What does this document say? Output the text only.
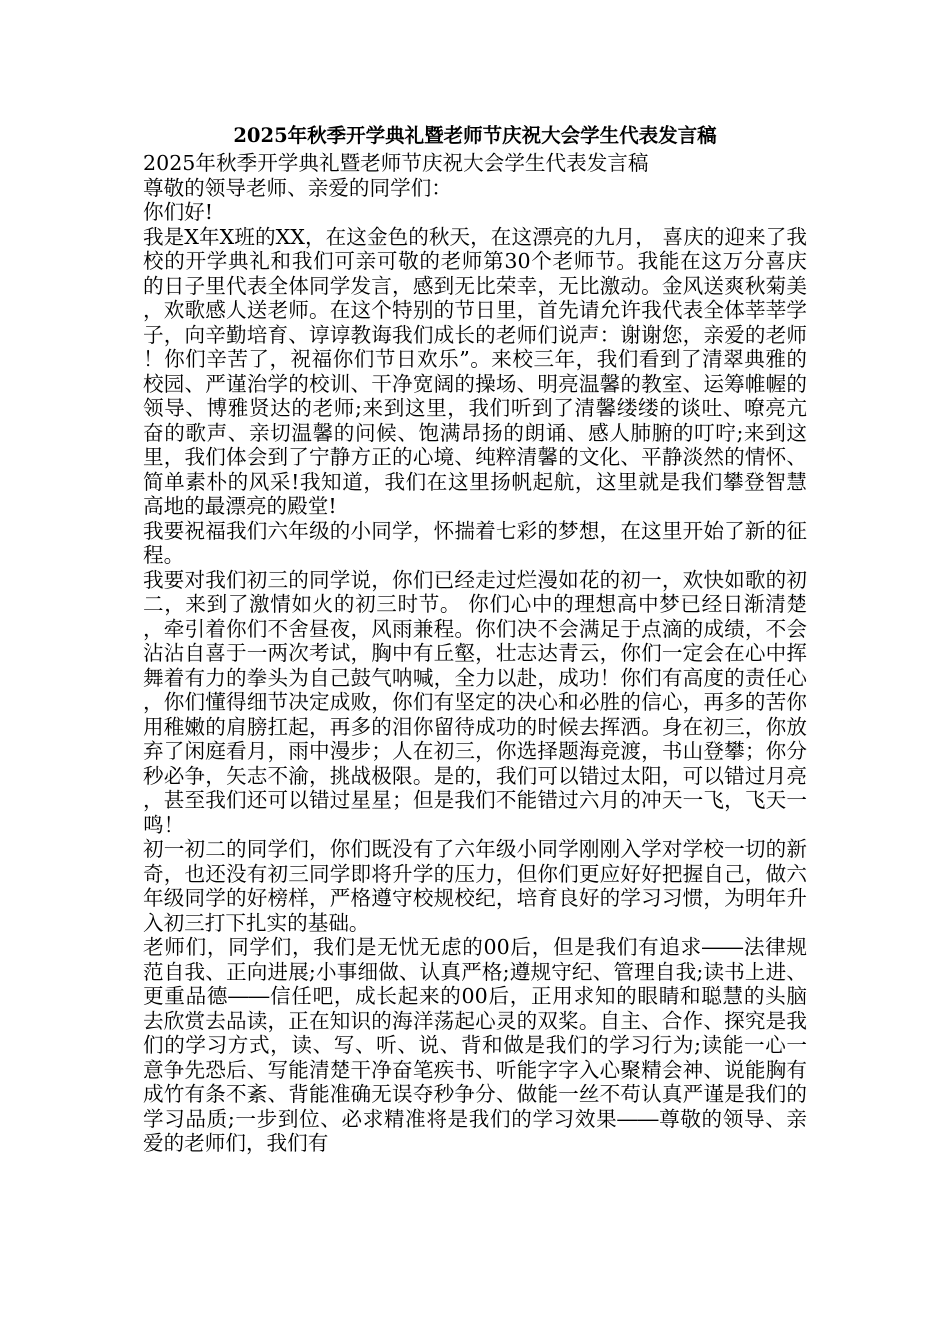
2025年秋季开学典礼暨老师节庆祝大会学生代表发言稿

2025年秋季开学典礼暨老师节庆祝大会学生代表发言稿

尊敬的领导老师、亲爱的同学们：

你们好!

我是X年X班的XX，在这金色的秋天，在这漂亮的九月， 喜庆的迎来了我校的开学典礼和我们可亲可敬的老师第30个老师节。我能在这万分喜庆的日子里代表全体同学发言，感到无比荣幸，无比激动。金风送爽秋菊美，欢歌感人送老师。在这个特别的节日里，首先请允许我代表全体莘莘学子，向辛勤培育、谆谆教诲我们成长的老师们说声：谢谢您，亲爱的老师！你们辛苦了，祝福你们节日欢乐”。来校三年，我们看到了清翠典雅的校园、严谨治学的校训、干净宽阔的操场、明亮温馨的教室、运筹帷幄的领导、博雅贤达的老师;来到这里，我们听到了清馨缕缕的谈吐、嘹亮亢奋的歌声、亲切温馨的问候、饱满昂扬的朗诵、感人肺腑的叮咛;来到这里，我们体会到了宁静方正的心境、纯粹清馨的文化、平静淡然的情怀、简单素朴的风采!我知道，我们在这里扬帆起航，这里就是我们攀登智慧高地的最漂亮的殿堂!

我要祝福我们六年级的小同学，怀揣着七彩的梦想，在这里开始了新的征程。

我要对我们初三的同学说，你们已经走过烂漫如花的初一，欢快如歌的初二，来到了激情如火的初三时节。 你们心中的理想高中梦已经日渐清楚，牵引着你们不舍昼夜，风雨兼程。你们决不会满足于点滴的成绩，不会沾沾自喜于一两次考试，胸中有丘壑，壮志达青云，你们一定会在心中挥舞着有力的拳头为自己鼓气呐喊，全力以赴，成功！你们有高度的责任心，你们懂得细节决定成败，你们有坚定的决心和必胜的信心，再多的苦你用稚嫩的肩膀扛起，再多的泪你留待成功的时候去挥洒。身在初三，你放弃了闲庭看月，雨中漫步；人在初三，你选择题海竞渡，书山登攀；你分秒必争，矢志不渝，挑战极限。是的，我们可以错过太阳，可以错过月亮，甚至我们还可以错过星星；但是我们不能错过六月的冲天一飞，飞天一鸣！

初一初二的同学们，你们既没有了六年级小同学刚刚入学对学校一切的新奇，也还没有初三同学即将升学的压力，但你们更应好好把握自己，做六年级同学的好榜样，严格遵守校规校纪，培育良好的学习习惯，为明年升入初三打下扎实的基础。

老师们，同学们，我们是无忧无虑的00后，但是我们有追求――法律规范自我、正向进展;小事细做、认真严格;遵规守纪、管理自我;读书上进、更重品德――信任吧，成长起来的00后，正用求知的眼睛和聪慧的头脑去欣赏去品读，正在知识的海洋荡起心灵的双桨。自主、合作、探究是我们的学习方式，读、写、听、说、背和做是我们的学习行为;读能一心一意争先恐后、写能清楚干净奋笔疾书、听能字字入心聚精会神、说能胸有成竹有条不紊、背能准确无误夺秒争分、做能一丝不苟认真严谨是我们的学习品质;一步到位、必求精准将是我们的学习效果――尊敬的领导、亲爱的老师们，我们有
